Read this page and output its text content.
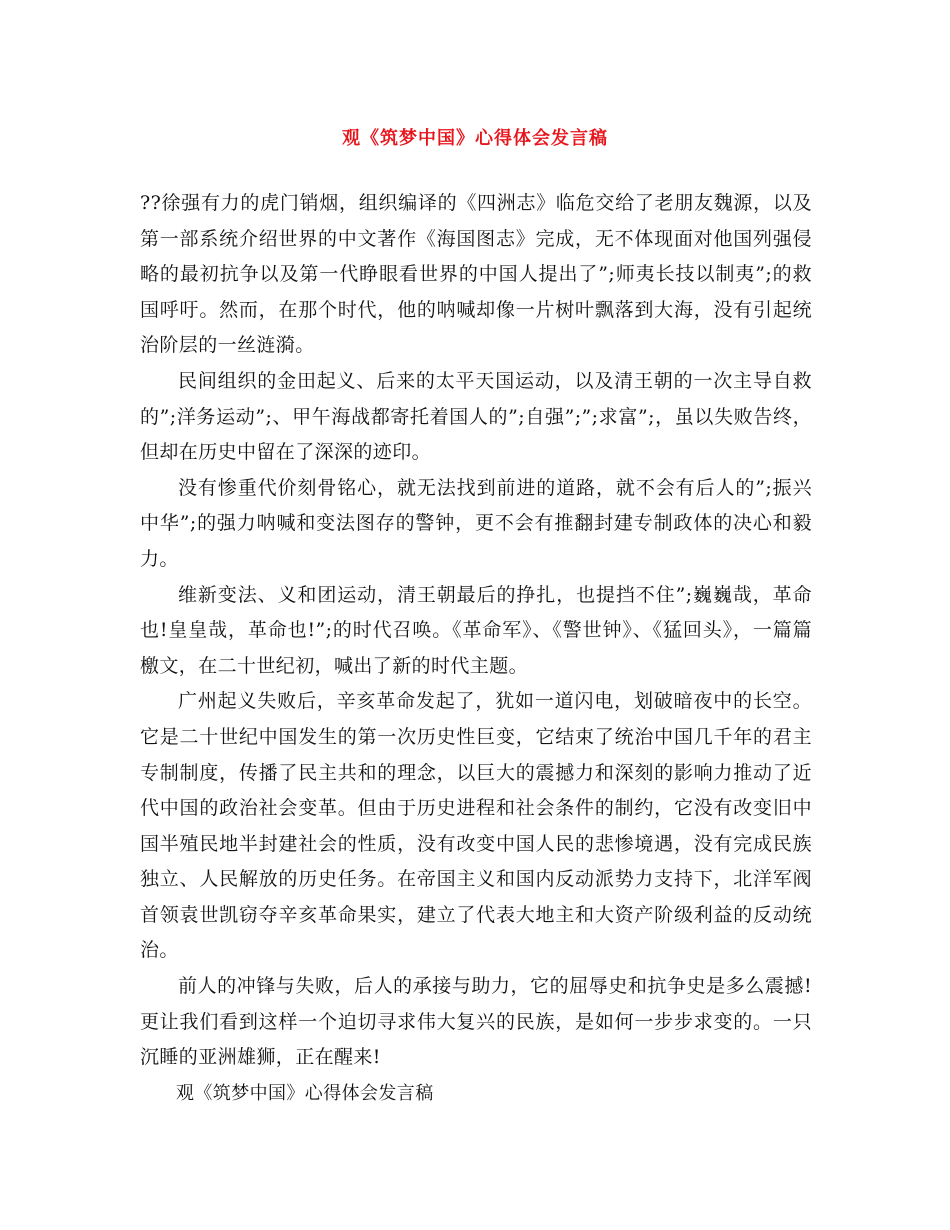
观《筑梦中国》心得体会发言稿

??徐强有力的虎门销烟，组织编译的《四洲志》临危交给了老朋友魏源，以及第一部系统介绍世界的中文著作《海国图志》完成，无不体现面对他国列强侵略的最初抗争以及第一代睁眼看世界的中国人提出了”;师夷长技以制夷”;的救国呼吁。然而，在那个时代，他的呐喊却像一片树叶飘落到大海，没有引起统治阶层的一丝涟漪。

民间组织的金田起义、后来的太平天国运动，以及清王朝的一次主导自救的”;洋务运动”;、甲午海战都寄托着国人的”;自强”;”;求富”;，虽以失败告终，但却在历史中留在了深深的迹印。

没有惨重代价刻骨铭心，就无法找到前进的道路，就不会有后人的”;振兴中华”;的强力呐喊和变法图存的警钟，更不会有推翻封建专制政体的决心和毅力。

维新变法、义和团运动，清王朝最后的挣扎，也提挡不住”;巍巍哉，革命也!皇皇哉，革命也!”;的时代召唤。《革命军》、《警世钟》、《猛回头》，一篇篇檄文，在二十世纪初，喊出了新的时代主题。

广州起义失败后，辛亥革命发起了，犹如一道闪电，划破暗夜中的长空。它是二十世纪中国发生的第一次历史性巨变，它结束了统治中国几千年的君主专制制度，传播了民主共和的理念，以巨大的震撼力和深刻的影响力推动了近代中国的政治社会变革。但由于历史进程和社会条件的制约，它没有改变旧中国半殖民地半封建社会的性质，没有改变中国人民的悲惨境遇，没有完成民族独立、人民解放的历史任务。在帝国主义和国内反动派势力支持下，北洋军阀首领袁世凯窃夺辛亥革命果实，建立了代表大地主和大资产阶级利益的反动统治。

前人的冲锋与失败，后人的承接与助力，它的屈辱史和抗争史是多么震撼!更让我们看到这样一个迫切寻求伟大复兴的民族，是如何一步步求变的。一只沉睡的亚洲雄狮，正在醒来!

观《筑梦中国》心得体会发言稿
